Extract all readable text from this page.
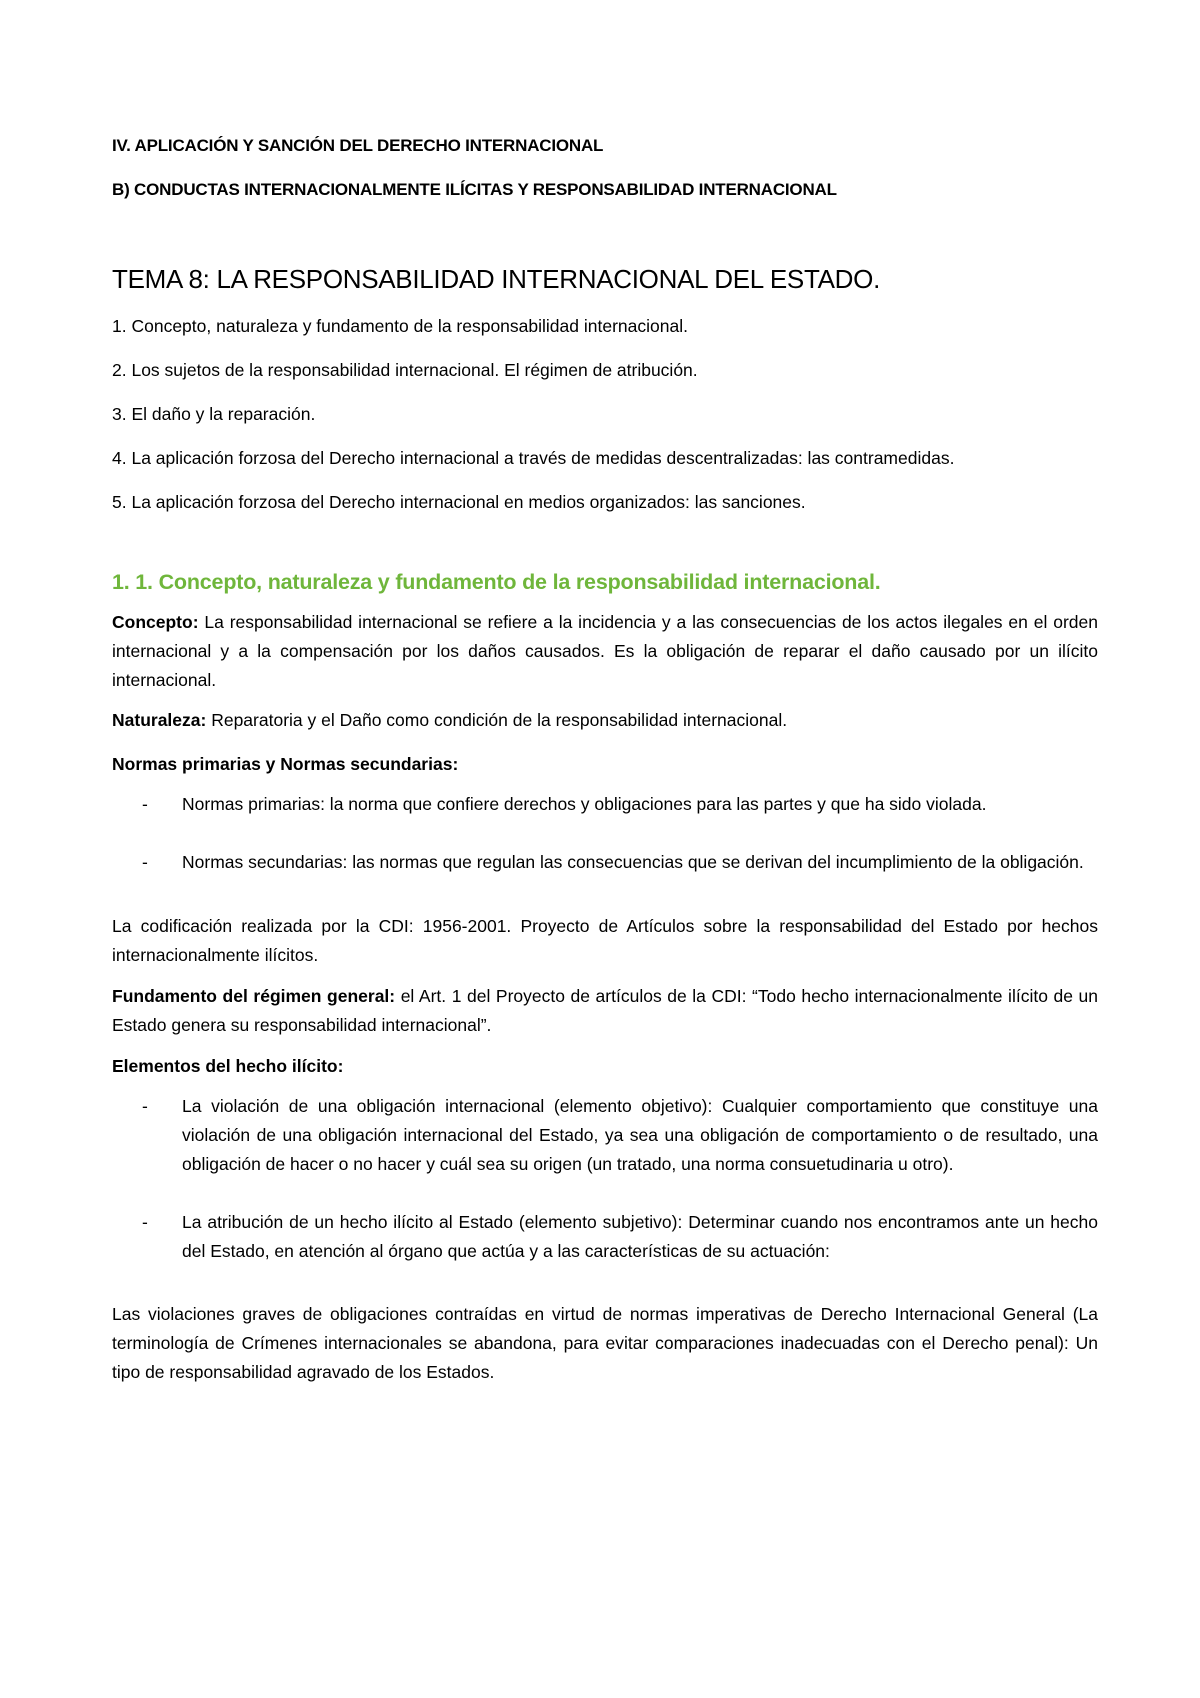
IV. APLICACIÓN Y SANCIÓN DEL DERECHO INTERNACIONAL

B) CONDUCTAS INTERNACIONALMENTE ILÍCITAS Y RESPONSABILIDAD INTERNACIONAL

TEMA 8: LA RESPONSABILIDAD INTERNACIONAL DEL ESTADO.

1. Concepto, naturaleza y fundamento de la responsabilidad internacional.

2. Los sujetos de la responsabilidad internacional. El régimen de atribución.

3. El daño y la reparación.

4. La aplicación forzosa del Derecho internacional a través de medidas descentralizadas: las contramedidas.

5. La aplicación forzosa del Derecho internacional en medios organizados: las sanciones.

1. 1. Concepto, naturaleza y fundamento de la responsabilidad internacional.

Concepto: La responsabilidad internacional se refiere a la incidencia y a las consecuencias de los actos ilegales en el orden internacional y a la compensación por los daños causados. Es la obligación de reparar el daño causado por un ilícito internacional.

Naturaleza: Reparatoria y el Daño como condición de la responsabilidad internacional.

Normas primarias y Normas secundarias:

-	Normas primarias: la norma que confiere derechos y obligaciones para las partes y que ha sido violada.
-	Normas secundarias: las normas que regulan las consecuencias que se derivan del incumplimiento de la obligación.

La codificación realizada por la CDI: 1956-2001. Proyecto de Artículos sobre la responsabilidad del Estado por hechos internacionalmente ilícitos.

Fundamento del régimen general: el Art. 1 del Proyecto de artículos de la CDI: “Todo hecho internacionalmente ilícito de un Estado genera su responsabilidad internacional”.

Elementos del hecho ilícito:

-	La violación de una obligación internacional (elemento objetivo): Cualquier comportamiento que constituye una violación de una obligación internacional del Estado, ya sea una obligación de comportamiento o de resultado, una obligación de hacer o no hacer y cuál sea su origen (un tratado, una norma consuetudinaria u otro).
-	La atribución de un hecho ilícito al Estado (elemento subjetivo): Determinar cuando nos encontramos ante un hecho del Estado, en atención al órgano que actúa y a las características de su actuación:

Las violaciones graves de obligaciones contraídas en virtud de normas imperativas de Derecho Internacional General (La terminología de Crímenes internacionales se abandona, para evitar comparaciones inadecuadas con el Derecho penal): Un tipo de responsabilidad agravado de los Estados.
